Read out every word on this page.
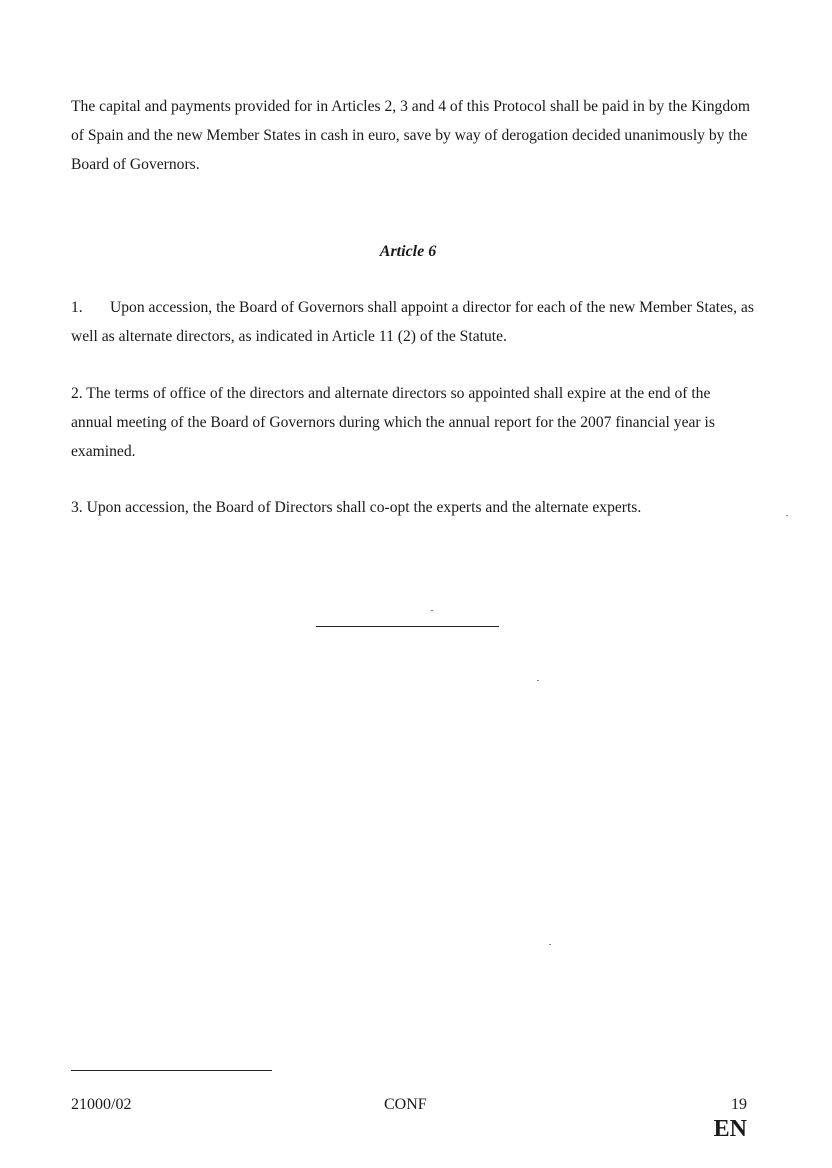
The capital and payments provided for in Articles 2, 3 and 4 of this Protocol shall be paid in by the Kingdom of Spain and the new Member States in cash in euro, save by way of derogation decided unanimously by the Board of Governors.

Article 6

1. Upon accession, the Board of Governors shall appoint a director for each of the new Member States, as well as alternate directors, as indicated in Article 11 (2) of the Statute.

2. The terms of office of the directors and alternate directors so appointed shall expire at the end of the annual meeting of the Board of Governors during which the annual report for the 2007 financial year is examined.

3. Upon accession, the Board of Directors shall co-opt the experts and the alternate experts.

21000/02	CONF	19
EN
